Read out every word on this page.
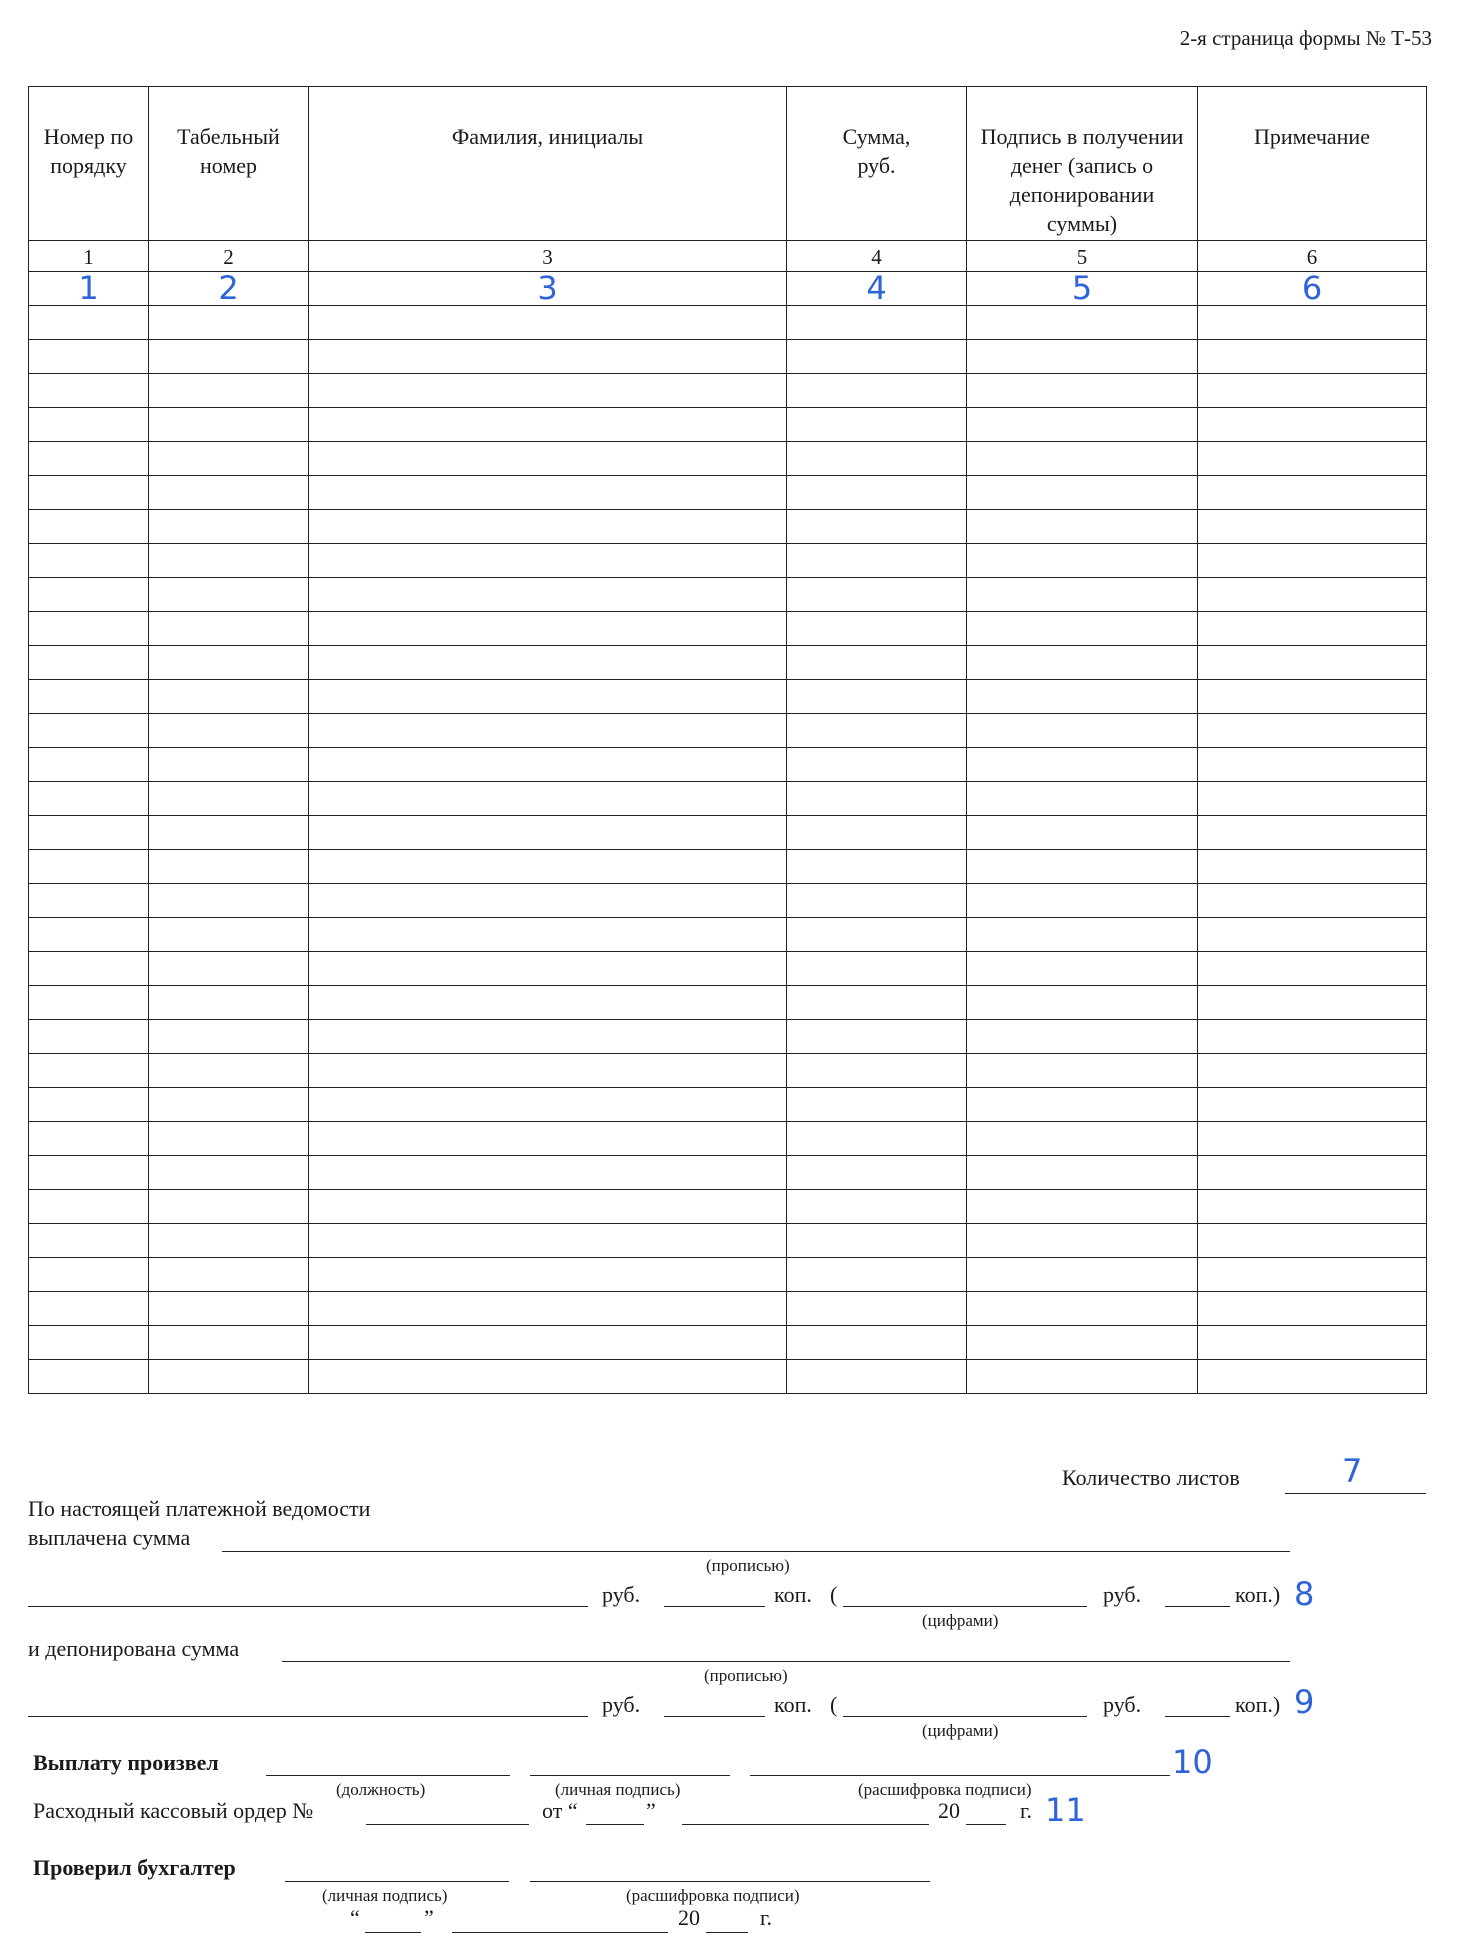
2-я страница формы № Т-53
Номер по порядку	Табельный номер	Фамилия, инициалы	Сумма, руб.	Подпись в получении денег (запись о депонировании суммы)	Примечание
1	2	3	4	5	6

1	2	3	4	5	6

Количество листов	7
По настоящей платежной ведомости
выплачена сумма
(прописью)
руб.	коп. (
(цифрами)
руб.	коп.) 8
и депонирована сумма
(прописью)
руб.	коп. (
(цифрами)
руб.	коп.) 9
Выплату произвел
(должность)	(личная подпись)	(расшифровка подписи)
10
Расходный кассовый ордер №	от “	”	20	г. 11
Проверил бухгалтер
(личная подпись)	(расшифровка подписи)
“	”	20	г.
